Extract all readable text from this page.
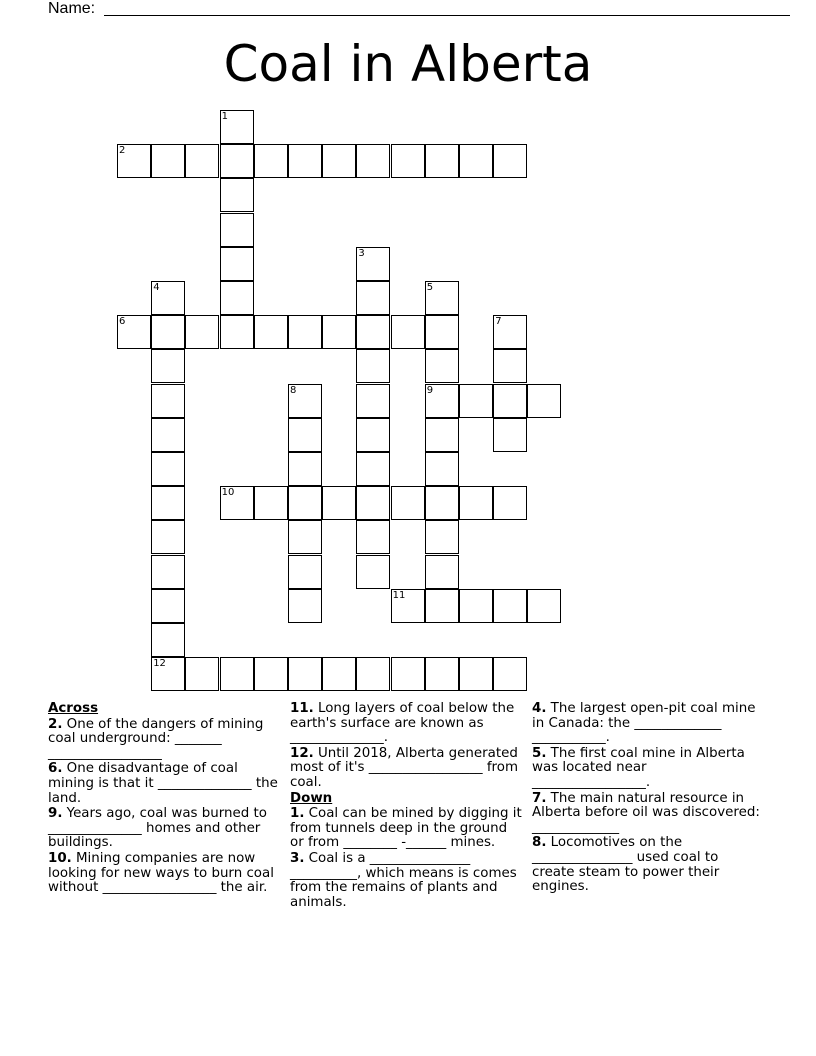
Name:
Coal in Alberta
1
2
3
4
12
5
9
6	7
8
10
11
Across
2. One of the dangers of mining coal underground: _______ _________________
6. One disadvantage of coal mining is that it ______________ the land.
9. Years ago, coal was burned to ______________ homes and other buildings.
10. Mining companies are now looking for new ways to burn coal without _________________ the air.
11. Long layers of coal below the earth's surface are known as ______________.
12. Until 2018, Alberta generated most of it's _________________ from coal.
Down
1. Coal can be mined by digging it from tunnels deep in the ground or from ________ -______ mines.
3. Coal is a _______________ __________, which means is comes from the remains of plants and animals.
4. The largest open-pit coal mine in Canada: the _____________ ___________.
5. The first coal mine in Alberta was located near _________________.
7. The main natural resource in Alberta before oil was discovered: _____________
8. Locomotives on the _______________ used coal to create steam to power their engines.
